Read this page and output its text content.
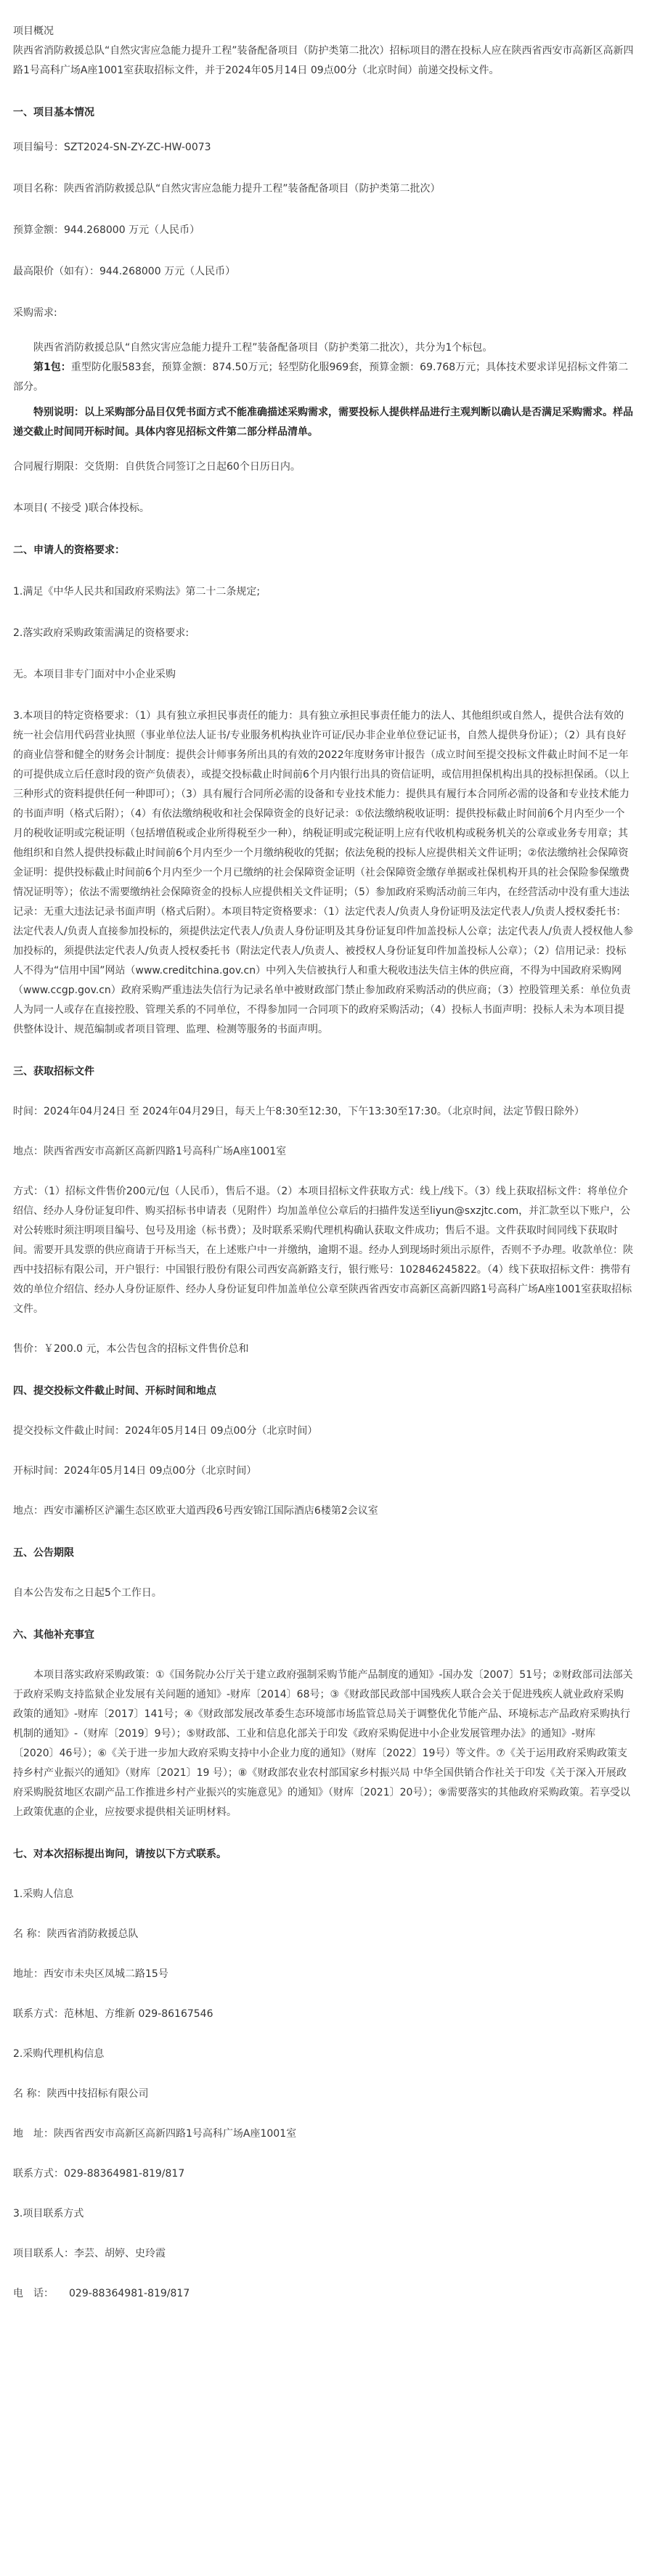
项目概况

陕西省消防救援总队“自然灾害应急能力提升工程”装备配备项目（防护类第二批次）招标项目的潜在投标人应在陕西省西安市高新区高新四路1号高科广场A座1001室获取招标文件，并于2024年05月14日 09点00分（北京时间）前递交投标文件。

一、项目基本情况

项目编号：SZT2024-SN-ZY-ZC-HW-0073

项目名称：陕西省消防救援总队“自然灾害应急能力提升工程”装备配备项目（防护类第二批次）

预算金额：944.268000 万元（人民币）

最高限价（如有）：944.268000 万元（人民币）

采购需求:

陕西省消防救援总队“自然灾害应急能力提升工程”装备配备项目（防护类第二批次），共分为1个标包。

第1包：重型防化服583套，预算金额：874.50万元；轻型防化服969套，预算金额：69.768万元；具体技术要求详见招标文件第二部分。

特别说明：以上采购部分品目仅凭书面方式不能准确描述采购需求，需要投标人提供样品进行主观判断以确认是否满足采购需求。样品递交截止时间同开标时间。具体内容见招标文件第二部分样品清单。

合同履行期限：交货期：自供货合同签订之日起60个日历日内。

本项目( 不接受 )联合体投标。

二、申请人的资格要求：

1.满足《中华人民共和国政府采购法》第二十二条规定;

2.落实政府采购政策需满足的资格要求:

无。本项目非专门面对中小企业采购

3.本项目的特定资格要求：（1）具有独立承担民事责任的能力：具有独立承担民事责任能力的法人、其他组织或自然人，提供合法有效的统一社会信用代码营业执照（事业单位法人证书/专业服务机构执业许可证/民办非企业单位登记证书，自然人提供身份证）；（2）具有良好的商业信誉和健全的财务会计制度：提供会计师事务所出具的有效的2022年度财务审计报告（成立时间至提交投标文件截止时间不足一年的可提供成立后任意时段的资产负债表），或提交投标截止时间前6个月内银行出具的资信证明，或信用担保机构出具的投标担保函。（以上三种形式的资料提供任何一种即可）；（3）具有履行合同所必需的设备和专业技术能力：提供具有履行本合同所必需的设备和专业技术能力的书面声明（格式后附）；（4）有依法缴纳税收和社会保障资金的良好记录：①依法缴纳税收证明：提供投标截止时间前6个月内至少一个月的税收证明或完税证明（包括增值税或企业所得税至少一种），纳税证明或完税证明上应有代收机构或税务机关的公章或业务专用章；其他组织和自然人提供投标截止时间前6个月内至少一个月缴纳税收的凭据；依法免税的投标人应提供相关文件证明；②依法缴纳社会保障资金证明：提供投标截止时间前6个月内至少一个月已缴纳的社会保障资金证明（社会保障资金缴存单据或社保机构开具的社会保险参保缴费情况证明等）；依法不需要缴纳社会保障资金的投标人应提供相关文件证明；（5）参加政府采购活动前三年内，在经营活动中没有重大违法记录：无重大违法记录书面声明（格式后附）。本项目特定资格要求：（1）法定代表人/负责人身份证明及法定代表人/负责人授权委托书：法定代表人/负责人直接参加投标的，须提供法定代表人/负责人身份证明及其身份证复印件加盖投标人公章；法定代表人/负责人授权他人参加投标的，须提供法定代表人/负责人授权委托书（附法定代表人/负责人、被授权人身份证复印件加盖投标人公章）；（2）信用记录：投标人不得为“信用中国”网站（www.creditchina.gov.cn）中列入失信被执行人和重大税收违法失信主体的供应商，不得为中国政府采购网（www.ccgp.gov.cn）政府采购严重违法失信行为记录名单中被财政部门禁止参加政府采购活动的供应商；（3）控股管理关系：单位负责人为同一人或存在直接控股、管理关系的不同单位，不得参加同一合同项下的政府采购活动；（4）投标人书面声明：投标人未为本项目提供整体设计、规范编制或者项目管理、监理、检测等服务的书面声明。

三、获取招标文件

时间：2024年04月24日 至 2024年04月29日，每天上午8:30至12:30，下午13:30至17:30。（北京时间，法定节假日除外）

地点：陕西省西安市高新区高新四路1号高科广场A座1001室

方式：（1）招标文件售价200元/包（人民币），售后不退。（2）本项目招标文件获取方式：线上/线下。（3）线上获取招标文件：将单位介绍信、经办人身份证复印件、购买招标书申请表（见附件）均加盖单位公章后的扫描件发送至liyun@sxzjtc.com，并汇款至以下账户，公对公转账时须注明项目编号、包号及用途（标书费）；及时联系采购代理机构确认获取文件成功；售后不退。文件获取时间同线下获取时间。需要开具发票的供应商请于开标当天，在上述账户中一并缴纳，逾期不退。经办人到现场时须出示原件，否则不予办理。收款单位：陕西中技招标有限公司，开户银行：中国银行股份有限公司西安高新路支行，银行账号：102846245822。（4）线下获取招标文件：携带有效的单位介绍信、经办人身份证原件、经办人身份证复印件加盖单位公章至陕西省西安市高新区高新四路1号高科广场A座1001室获取招标文件。

售价：￥200.0 元，本公告包含的招标文件售价总和

四、提交投标文件截止时间、开标时间和地点

提交投标文件截止时间：2024年05月14日 09点00分（北京时间）

开标时间：2024年05月14日 09点00分（北京时间）

地点：西安市灞桥区浐灞生态区欧亚大道西段6号西安锦江国际酒店6楼第2会议室

五、公告期限

自本公告发布之日起5个工作日。

六、其他补充事宜

本项目落实政府采购政策：①《国务院办公厅关于建立政府强制采购节能产品制度的通知》-国办发〔2007〕51号；②财政部司法部关于政府采购支持监狱企业发展有关问题的通知》-财库〔2014〕68号；③《财政部民政部中国残疾人联合会关于促进残疾人就业政府采购政策的通知》-财库〔2017〕141号；④《财政部发展改革委生态环境部市场监管总局关于调整优化节能产品、环境标志产品政府采购执行机制的通知》-（财库〔2019〕9号）；⑤财政部、工业和信息化部关于印发《政府采购促进中小企业发展管理办法》的通知》-财库〔2020〕46号）；⑥《关于进一步加大政府采购支持中小企业力度的通知》（财库〔2022〕19号）等文件。⑦《关于运用政府采购政策支持乡村产业振兴的通知》（财库〔2021〕19 号）；⑧《财政部农业农村部国家乡村振兴局 中华全国供销合作社关于印发《关于深入开展政府采购脱贫地区农副产品工作推进乡村产业振兴的实施意见》的通知》（财库〔2021〕20号）；⑨需要落实的其他政府采购政策。若享受以上政策优惠的企业，应按要求提供相关证明材料。

七、对本次招标提出询问，请按以下方式联系。

1.采购人信息

名 称：陕西省消防救援总队

地址：西安市未央区凤城二路15号

联系方式：范林旭、方维新 029-86167546

2.采购代理机构信息

名 称：陕西中技招标有限公司

地　址：陕西省西安市高新区高新四路1号高科广场A座1001室

联系方式：029-88364981-819/817

3.项目联系方式

项目联系人：李芸、胡婷、史玲霞

电　话：　　029-88364981-819/817
